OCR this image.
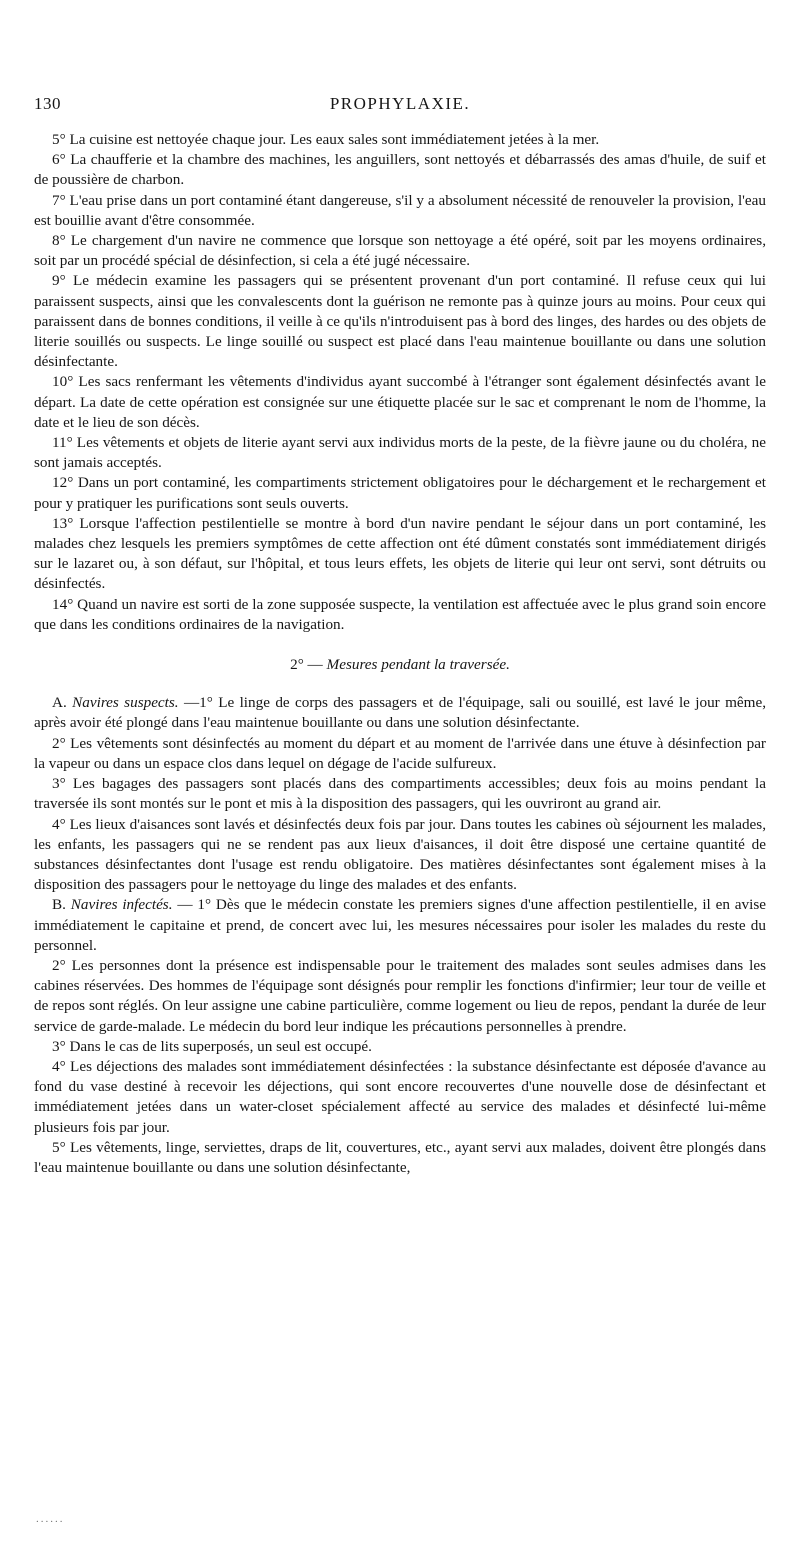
130	PROPHYLAXIE.

5° La cuisine est nettoyée chaque jour. Les eaux sales sont immédiatement jetées à la mer.

6° La chaufferie et la chambre des machines, les anguillers, sont nettoyés et débarrassés des amas d'huile, de suif et de poussière de charbon.

7° L'eau prise dans un port contaminé étant dangereuse, s'il y a absolument nécessité de renouveler la provision, l'eau est bouillie avant d'être consommée.

8° Le chargement d'un navire ne commence que lorsque son nettoyage a été opéré, soit par les moyens ordinaires, soit par un procédé spécial de désinfection, si cela a été jugé nécessaire.

9° Le médecin examine les passagers qui se présentent provenant d'un port contaminé. Il refuse ceux qui lui paraissent suspects, ainsi que les convalescents dont la guérison ne remonte pas à quinze jours au moins. Pour ceux qui paraissent dans de bonnes conditions, il veille à ce qu'ils n'introduisent pas à bord des linges, des hardes ou des objets de literie souillés ou suspects. Le linge souillé ou suspect est placé dans l'eau maintenue bouillante ou dans une solution désinfectante.

10° Les sacs renfermant les vêtements d'individus ayant succombé à l'étranger sont également désinfectés avant le départ. La date de cette opération est consignée sur une étiquette placée sur le sac et comprenant le nom de l'homme, la date et le lieu de son décès.

11° Les vêtements et objets de literie ayant servi aux individus morts de la peste, de la fièvre jaune ou du choléra, ne sont jamais acceptés.

12° Dans un port contaminé, les compartiments strictement obligatoires pour le déchargement et le rechargement et pour y pratiquer les purifications sont seuls ouverts.

13° Lorsque l'affection pestilentielle se montre à bord d'un navire pendant le séjour dans un port contaminé, les malades chez lesquels les premiers symptômes de cette affection ont été dûment constatés sont immédiatement dirigés sur le lazaret ou, à son défaut, sur l'hôpital, et tous leurs effets, les objets de literie qui leur ont servi, sont détruits ou désinfectés.

14° Quand un navire est sorti de la zone supposée suspecte, la ventilation est affectuée avec le plus grand soin encore que dans les conditions ordinaires de la navigation.

2° — Mesures pendant la traversée.

A. Navires suspects. —1° Le linge de corps des passagers et de l'équipage, sali ou souillé, est lavé le jour même, après avoir été plongé dans l'eau maintenue bouillante ou dans une solution désinfectante.

2° Les vêtements sont désinfectés au moment du départ et au moment de l'arrivée dans une étuve à désinfection par la vapeur ou dans un espace clos dans lequel on dégage de l'acide sulfureux.

3° Les bagages des passagers sont placés dans des compartiments accessibles; deux fois au moins pendant la traversée ils sont montés sur le pont et mis à la disposition des passagers, qui les ouvriront au grand air.

4° Les lieux d'aisances sont lavés et désinfectés deux fois par jour. Dans toutes les cabines où séjournent les malades, les enfants, les passagers qui ne se rendent pas aux lieux d'aisances, il doit être disposé une certaine quantité de substances désinfectantes dont l'usage est rendu obligatoire. Des matières désinfectantes sont également mises à la disposition des passagers pour le nettoyage du linge des malades et des enfants.

B. Navires infectés. — 1° Dès que le médecin constate les premiers signes d'une affection pestilentielle, il en avise immédiatement le capitaine et prend, de concert avec lui, les mesures nécessaires pour isoler les malades du reste du personnel.

2° Les personnes dont la présence est indispensable pour le traitement des malades sont seules admises dans les cabines réservées. Des hommes de l'équipage sont désignés pour remplir les fonctions d'infirmier; leur tour de veille et de repos sont réglés. On leur assigne une cabine particulière, comme logement ou lieu de repos, pendant la durée de leur service de garde-malade. Le médecin du bord leur indique les précautions personnelles à prendre.

3° Dans le cas de lits superposés, un seul est occupé.

4° Les déjections des malades sont immédiatement désinfectées : la substance désinfectante est déposée d'avance au fond du vase destiné à recevoir les déjections, qui sont encore recouvertes d'une nouvelle dose de désinfectant et immédiatement jetées dans un water-closet spécialement affecté au service des malades et désinfecté lui-même plusieurs fois par jour.

5° Les vêtements, linge, serviettes, draps de lit, couvertures, etc., ayant servi aux malades, doivent être plongés dans l'eau maintenue bouillante ou dans une solution désinfectante,

......
